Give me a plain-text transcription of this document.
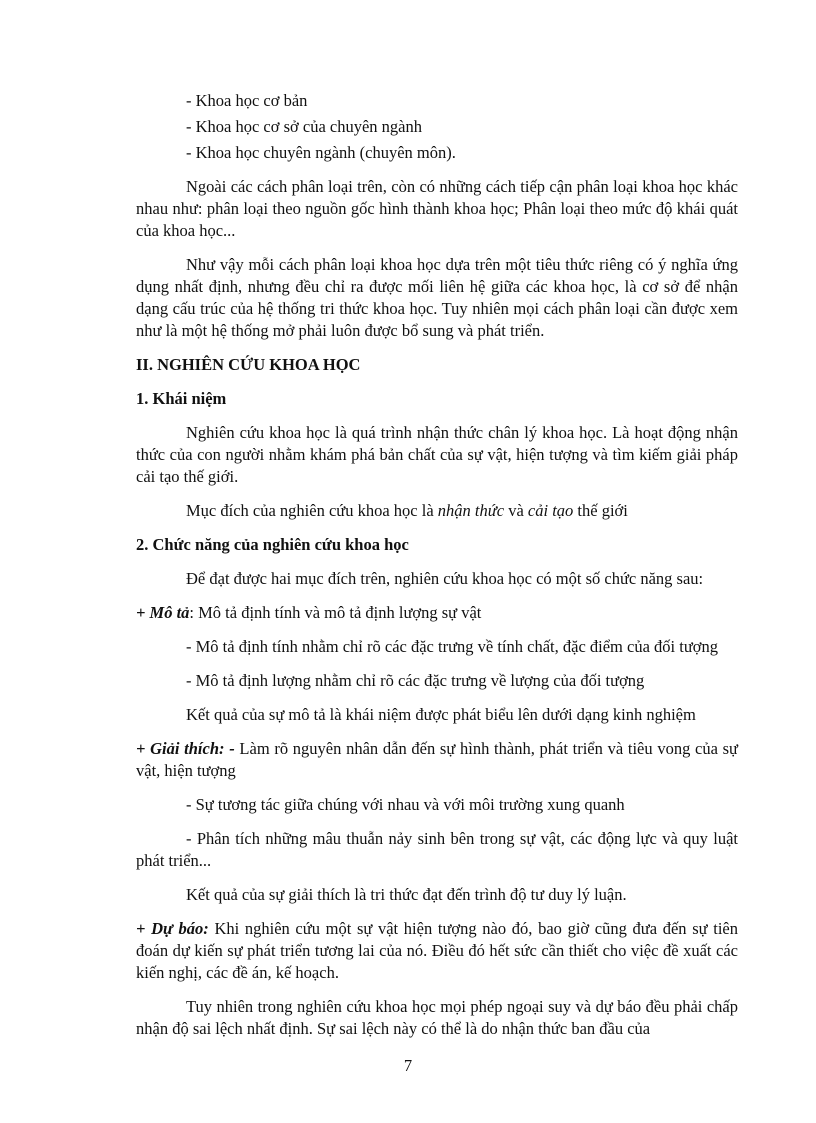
- Khoa học cơ bản

- Khoa học cơ sở của chuyên ngành

- Khoa học chuyên ngành (chuyên môn).

Ngoài các cách phân loại trên, còn có những cách tiếp cận phân loại khoa học khác nhau như: phân loại theo nguồn gốc hình thành khoa học; Phân loại theo mức độ khái quát của khoa học...

Như vậy mỗi cách phân loại khoa học dựa trên một tiêu thức riêng có ý nghĩa ứng dụng nhất định, nhưng đều chỉ ra được mối liên hệ giữa các khoa học, là cơ sở để nhận dạng cấu trúc của hệ thống tri thức khoa học. Tuy nhiên mọi cách phân loại cần được xem như là một hệ thống mở phải luôn được bổ sung và phát triển.

II. NGHIÊN CỨU KHOA HỌC

1. Khái niệm

Nghiên cứu khoa học là quá trình nhận thức chân lý khoa học. Là hoạt động nhận thức của con người nhằm khám phá bản chất của sự vật, hiện tượng và tìm kiếm giải pháp cải tạo thế giới.

Mục đích của nghiên cứu khoa học là nhận thức và cải tạo thế giới

2. Chức năng của nghiên cứu khoa học

Để đạt được hai mục đích trên, nghiên cứu khoa học có một số chức năng sau:

+ Mô tả: Mô tả định tính và mô tả định lượng sự vật

- Mô tả định tính nhằm chỉ rõ các đặc trưng về tính chất, đặc điểm của đối tượng

- Mô tả định lượng nhằm chỉ rõ các đặc trưng về lượng của đối tượng

Kết quả của sự mô tả là khái niệm được phát biểu lên dưới dạng kinh nghiệm

+ Giải thích: - Làm rõ nguyên nhân dẫn đến sự hình thành, phát triển và tiêu vong của sự vật, hiện tượng

- Sự tương tác giữa chúng với nhau và với môi trường xung quanh

- Phân tích những mâu thuẫn nảy sinh bên trong sự vật, các động lực và quy luật phát triển...

Kết quả của sự giải thích là tri thức đạt đến trình độ tư duy lý luận.

+ Dự báo: Khi nghiên cứu một sự vật hiện tượng nào đó, bao giờ cũng đưa đến sự tiên đoán dự kiến sự phát triển tương lai của nó. Điều đó hết sức cần thiết cho việc đề xuất các kiến nghị, các đề án, kế hoạch.

Tuy nhiên trong nghiên cứu khoa học mọi phép ngoại suy và dự báo đều phải chấp nhận độ sai lệch nhất định. Sự sai lệch này có thể là do nhận thức ban đầu của

7
